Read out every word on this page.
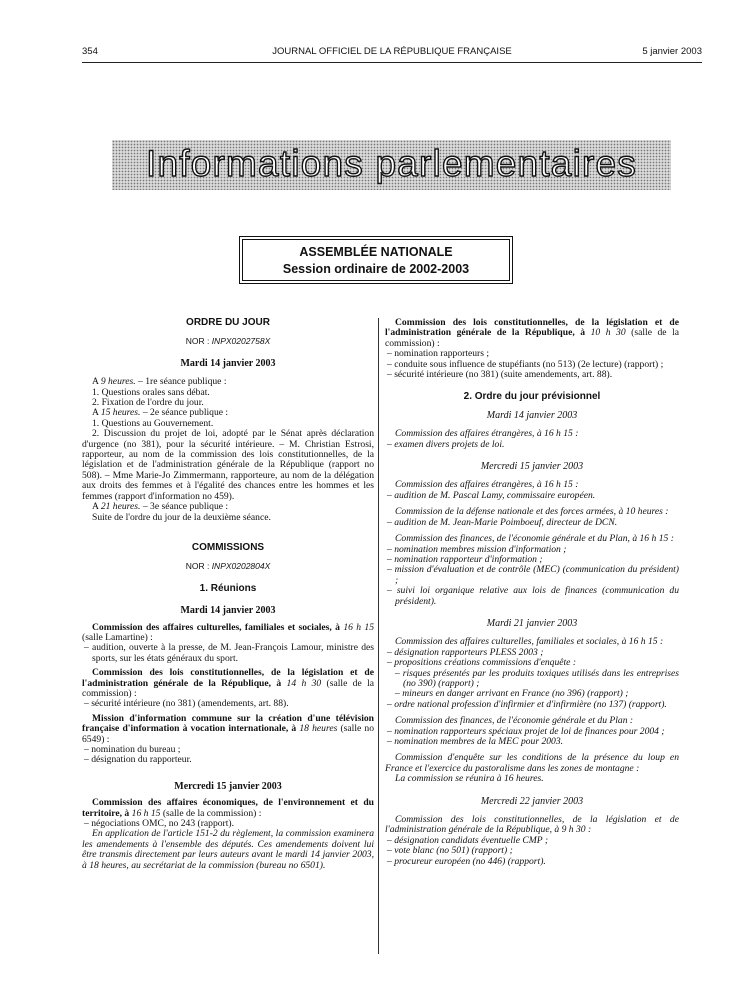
354	JOURNAL OFFICIEL DE LA RÉPUBLIQUE FRANÇAISE	5 janvier 2003
Informations parlementaires
ASSEMBLÉE NATIONALE
Session ordinaire de 2002-2003

ORDRE DU JOUR

NOR : INPX0202758X

Mardi 14 janvier 2003

A 9 heures. – 1re séance publique :

1. Questions orales sans débat.

2. Fixation de l'ordre du jour.

A 15 heures. – 2e séance publique :

1. Questions au Gouvernement.

2. Discussion du projet de loi, adopté par le Sénat après déclaration d'urgence (no 381), pour la sécurité intérieure. – M. Christian Estrosi, rapporteur, au nom de la commission des lois constitutionnelles, de la législation et de l'administration générale de la République (rapport no 508). – Mme Marie-Jo Zimmermann, rapporteure, au nom de la délégation aux droits des femmes et à l'égalité des chances entre les hommes et les femmes (rapport d'information no 459).

A 21 heures. – 3e séance publique :

Suite de l'ordre du jour de la deuxième séance.

COMMISSIONS

NOR : INPX0202804X

1. Réunions

Mardi 14 janvier 2003

Commission des affaires culturelles, familiales et sociales, à 16 h 15 (salle Lamartine) :

– audition, ouverte à la presse, de M. Jean-François Lamour, ministre des sports, sur les états généraux du sport.

Commission des lois constitutionnelles, de la législation et de l'administration générale de la République, à 14 h 30 (salle de la commission) :

– sécurité intérieure (no 381) (amendements, art. 88).

Mission d'information commune sur la création d'une télévision française d'information à vocation internationale, à 18 heures (salle no 6549) :

– nomination du bureau ;

– désignation du rapporteur.

Mercredi 15 janvier 2003

Commission des affaires économiques, de l'environnement et du territoire, à 16 h 15 (salle de la commission) :

– négociations OMC, no 243 (rapport).

En application de l'article 151-2 du règlement, la commission examinera les amendements à l'ensemble des députés. Ces amendements doivent lui être transmis directement par leurs auteurs avant le mardi 14 janvier 2003, à 18 heures, au secrétariat de la commission (bureau no 6501).

Commission des lois constitutionnelles, de la législation et de l'administration générale de la République, à 10 h 30 (salle de la commission) :

– nomination rapporteurs ;

– conduite sous influence de stupéfiants (no 513) (2e lecture) (rapport) ;

– sécurité intérieure (no 381) (suite amendements, art. 88).

2. Ordre du jour prévisionnel

Mardi 14 janvier 2003

Commission des affaires étrangères, à 16 h 15 :

– examen divers projets de loi.

Mercredi 15 janvier 2003

Commission des affaires étrangères, à 16 h 15 :

– audition de M. Pascal Lamy, commissaire européen.

Commission de la défense nationale et des forces armées, à 10 heures :

– audition de M. Jean-Marie Poimboeuf, directeur de DCN.

Commission des finances, de l'économie générale et du Plan, à 16 h 15 :

– nomination membres mission d'information ;

– nomination rapporteur d'information ;

– mission d'évaluation et de contrôle (MEC) (communication du président) ;

– suivi loi organique relative aux lois de finances (communication du président).

Mardi 21 janvier 2003

Commission des affaires culturelles, familiales et sociales, à 16 h 15 :

– désignation rapporteurs PLESS 2003 ;

– propositions créations commissions d'enquête :

– risques présentés par les produits toxiques utilisés dans les entreprises (no 390) (rapport) ;

– mineurs en danger arrivant en France (no 396) (rapport) ;

– ordre national profession d'infirmier et d'infirmière (no 137) (rapport).

Commission des finances, de l'économie générale et du Plan :

– nomination rapporteurs spéciaux projet de loi de finances pour 2004 ;

– nomination membres de la MEC pour 2003.

Commission d'enquête sur les conditions de la présence du loup en France et l'exercice du pastoralisme dans les zones de montagne :

La commission se réunira à 16 heures.

Mercredi 22 janvier 2003

Commission des lois constitutionnelles, de la législation et de l'administration générale de la République, à 9 h 30 :

– désignation candidats éventuelle CMP ;

– vote blanc (no 501) (rapport) ;

– procureur européen (no 446) (rapport).
